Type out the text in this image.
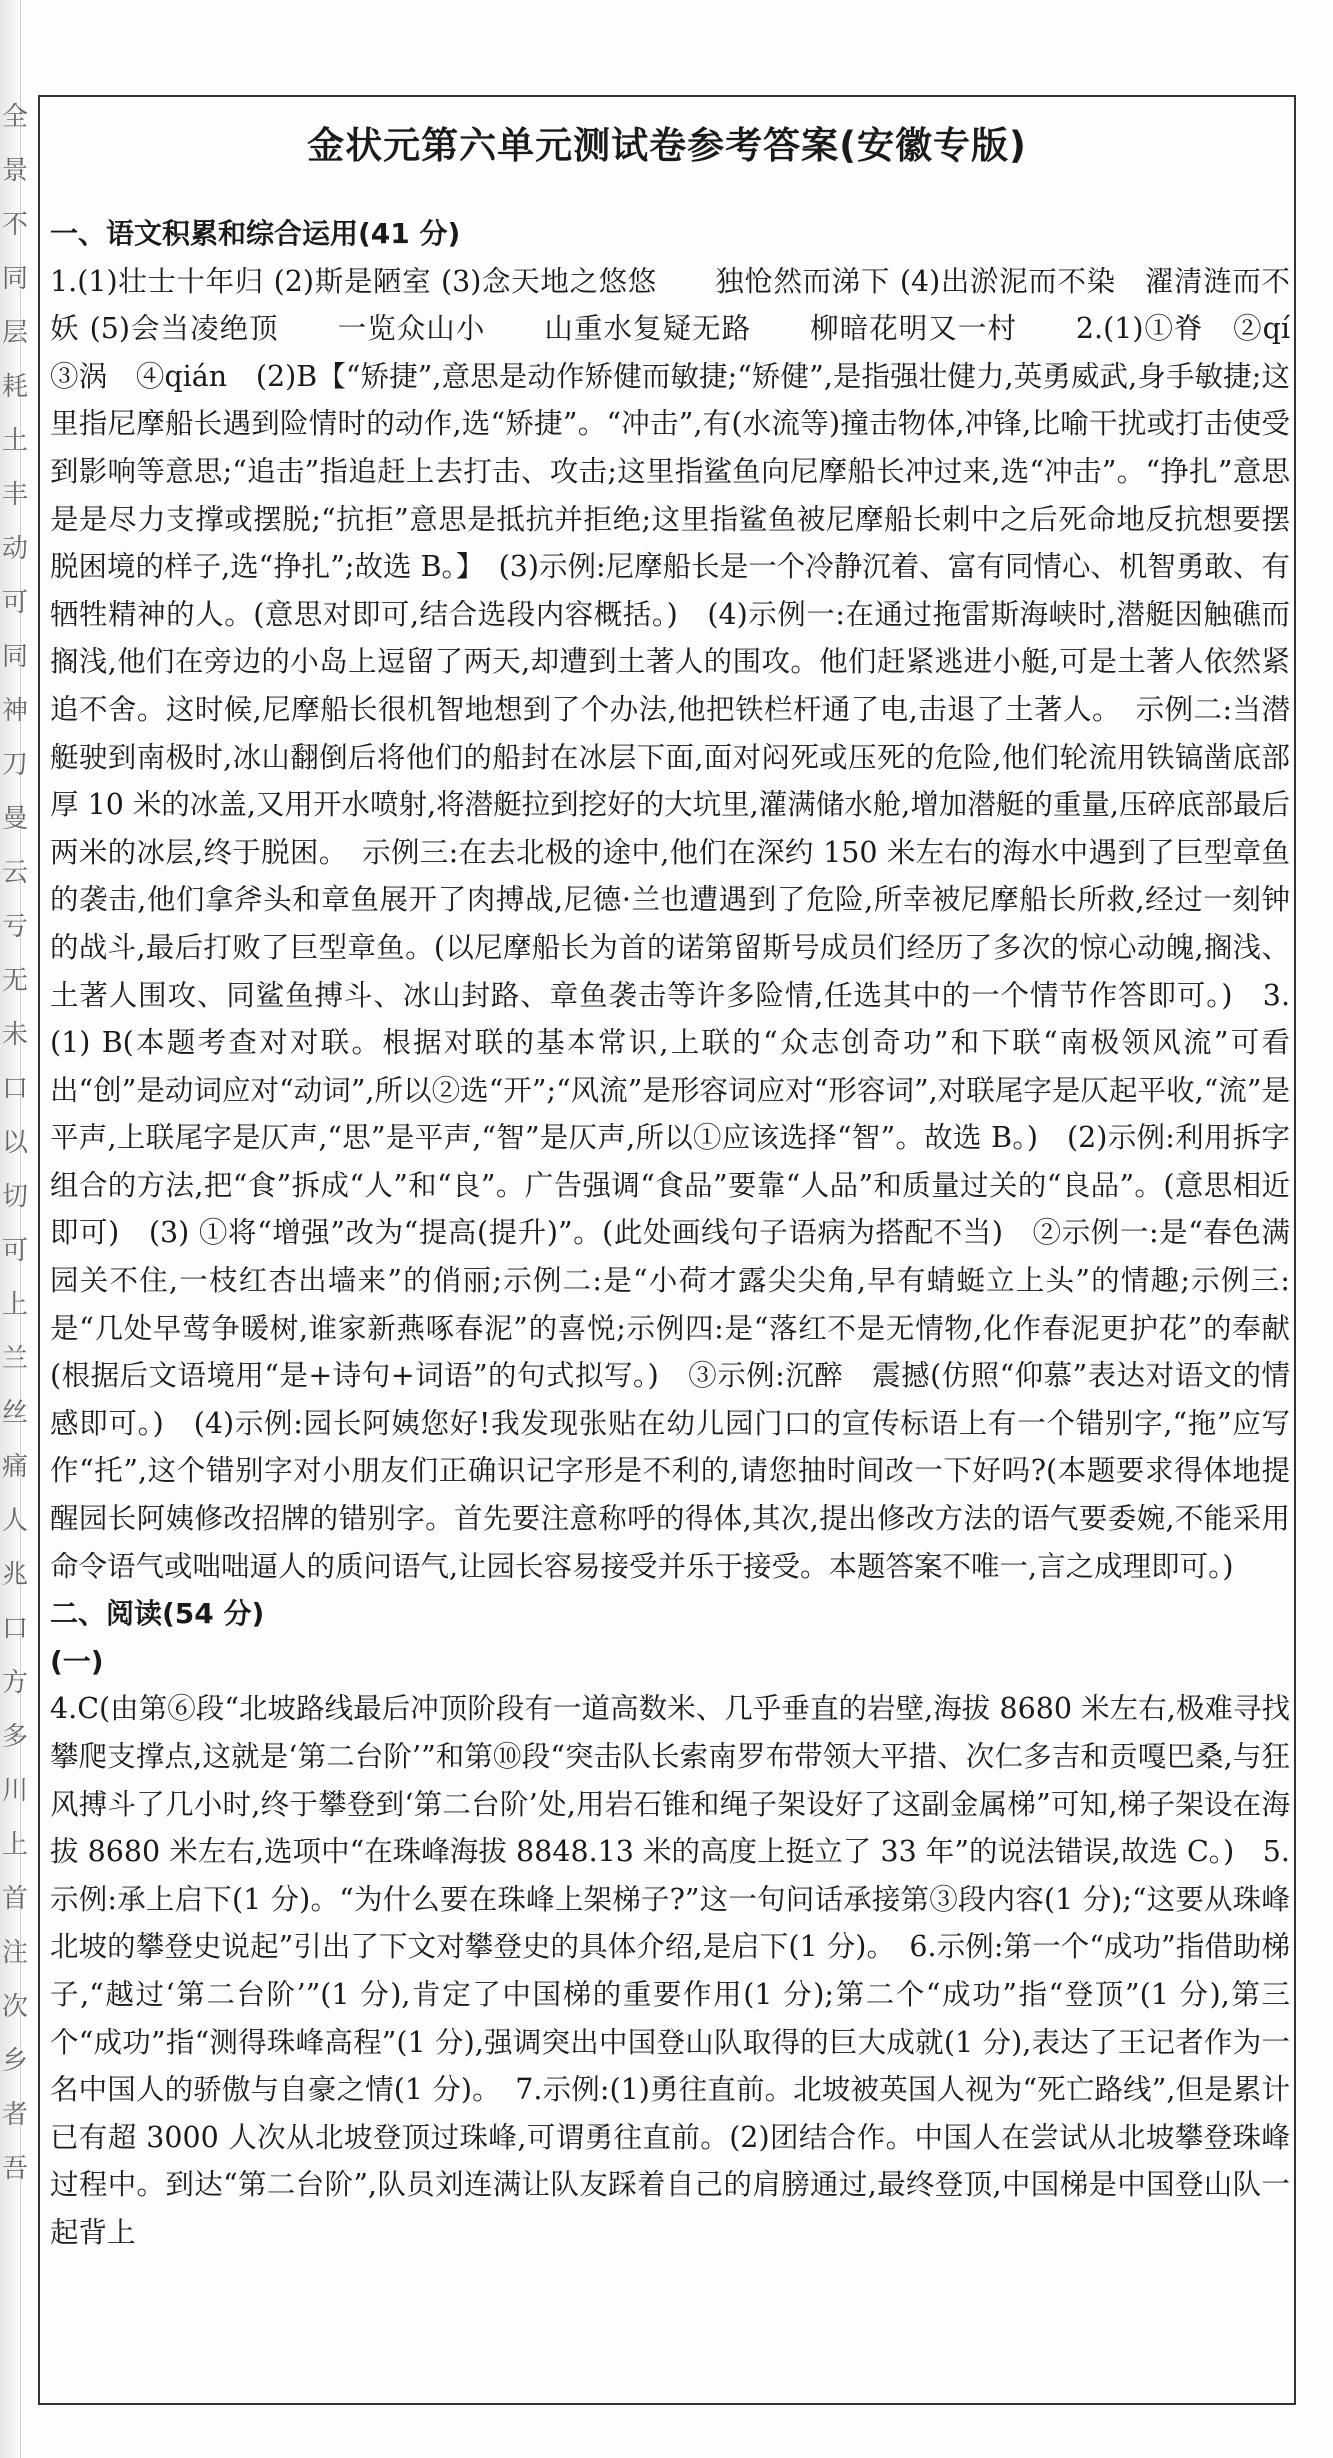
全景不同层耗土丰动可同神刀曼云亏无未口以切可上兰丝痛人兆口方多川上首注次乡者吾
金状元第六单元测试卷参考答案(安徽专版)
一、语文积累和综合运用(41 分)

1.(1)壮士十年归 (2)斯是陋室 (3)念天地之悠悠　　独怆然而涕下 (4)出淤泥而不染　濯清涟而不妖 (5)会当凌绝顶　　一览众山小　　山重水复疑无路　　柳暗花明又一村　　2.(1)①脊　②qí　③涡　④qián　(2)B【“矫捷”,意思是动作矫健而敏捷;“矫健”,是指强壮健力,英勇威武,身手敏捷;这里指尼摩船长遇到险情时的动作,选“矫捷”。“冲击”,有(水流等)撞击物体,冲锋,比喻干扰或打击使受到影响等意思;“追击”指追赶上去打击、攻击;这里指鲨鱼向尼摩船长冲过来,选“冲击”。“挣扎”意思是是尽力支撑或摆脱;“抗拒”意思是抵抗并拒绝;这里指鲨鱼被尼摩船长刺中之后死命地反抗想要摆脱困境的样子,选“挣扎”;故选 B。】　(3)示例:尼摩船长是一个冷静沉着、富有同情心、机智勇敢、有牺牲精神的人。(意思对即可,结合选段内容概括。)　(4)示例一:在通过拖雷斯海峡时,潜艇因触礁而搁浅,他们在旁边的小岛上逗留了两天,却遭到土著人的围攻。他们赶紧逃进小艇,可是土著人依然紧追不舍。这时候,尼摩船长很机智地想到了个办法,他把铁栏杆通了电,击退了土著人。　示例二:当潜艇驶到南极时,冰山翻倒后将他们的船封在冰层下面,面对闷死或压死的危险,他们轮流用铁镐凿底部厚 10 米的冰盖,又用开水喷射,将潜艇拉到挖好的大坑里,灌满储水舱,增加潜艇的重量,压碎底部最后两米的冰层,终于脱困。　示例三:在去北极的途中,他们在深约 150 米左右的海水中遇到了巨型章鱼的袭击,他们拿斧头和章鱼展开了肉搏战,尼德·兰也遭遇到了危险,所幸被尼摩船长所救,经过一刻钟的战斗,最后打败了巨型章鱼。(以尼摩船长为首的诺第留斯号成员们经历了多次的惊心动魄,搁浅、土著人围攻、同鲨鱼搏斗、冰山封路、章鱼袭击等许多险情,任选其中的一个情节作答即可。)　3.(1) B(本题考查对对联。根据对联的基本常识,上联的“众志创奇功”和下联“南极领风流”可看出“创”是动词应对“动词”,所以②选“开”;“风流”是形容词应对“形容词”,对联尾字是仄起平收,“流”是平声,上联尾字是仄声,“思”是平声,“智”是仄声,所以①应该选择“智”。故选 B。)　(2)示例:利用拆字组合的方法,把“食”拆成“人”和“良”。广告强调“食品”要靠“人品”和质量过关的“良品”。(意思相近即可)　(3) ①将“增强”改为“提高(提升)”。(此处画线句子语病为搭配不当)　②示例一:是“春色满园关不住,一枝红杏出墙来”的俏丽;示例二:是“小荷才露尖尖角,早有蜻蜓立上头”的情趣;示例三:是“几处早莺争暖树,谁家新燕啄春泥”的喜悦;示例四:是“落红不是无情物,化作春泥更护花”的奉献(根据后文语境用“是+诗句+词语”的句式拟写。)　③示例:沉醉　震撼(仿照“仰慕”表达对语文的情感即可。)　(4)示例:园长阿姨您好!我发现张贴在幼儿园门口的宣传标语上有一个错别字,“拖”应写作“托”,这个错别字对小朋友们正确识记字形是不利的,请您抽时间改一下好吗?(本题要求得体地提醒园长阿姨修改招牌的错别字。首先要注意称呼的得体,其次,提出修改方法的语气要委婉,不能采用命令语气或咄咄逼人的质问语气,让园长容易接受并乐于接受。本题答案不唯一,言之成理即可。)

二、阅读(54 分)
(一)

4.C(由第⑥段“北坡路线最后冲顶阶段有一道高数米、几乎垂直的岩壁,海拔 8680 米左右,极难寻找攀爬支撑点,这就是‘第二台阶’”和第⑩段“突击队长索南罗布带领大平措、次仁多吉和贡嘎巴桑,与狂风搏斗了几小时,终于攀登到‘第二台阶’处,用岩石锥和绳子架设好了这副金属梯”可知,梯子架设在海拔 8680 米左右,选项中“在珠峰海拔 8848.13 米的高度上挺立了 33 年”的说法错误,故选 C。)　5.示例:承上启下(1 分)。“为什么要在珠峰上架梯子?”这一句问话承接第③段内容(1 分);“这要从珠峰北坡的攀登史说起”引出了下文对攀登史的具体介绍,是启下(1 分)。　6.示例:第一个“成功”指借助梯子,“越过‘第二台阶’”(1 分),肯定了中国梯的重要作用(1 分);第二个“成功”指“登顶”(1 分),第三个“成功”指“测得珠峰高程”(1 分),强调突出中国登山队取得的巨大成就(1 分),表达了王记者作为一名中国人的骄傲与自豪之情(1 分)。　7.示例:(1)勇往直前。北坡被英国人视为“死亡路线”,但是累计已有超 3000 人次从北坡登顶过珠峰,可谓勇往直前。(2)团结合作。中国人在尝试从北坡攀登珠峰过程中。到达“第二台阶”,队员刘连满让队友踩着自己的肩膀通过,最终登顶,中国梯是中国登山队一起背上
